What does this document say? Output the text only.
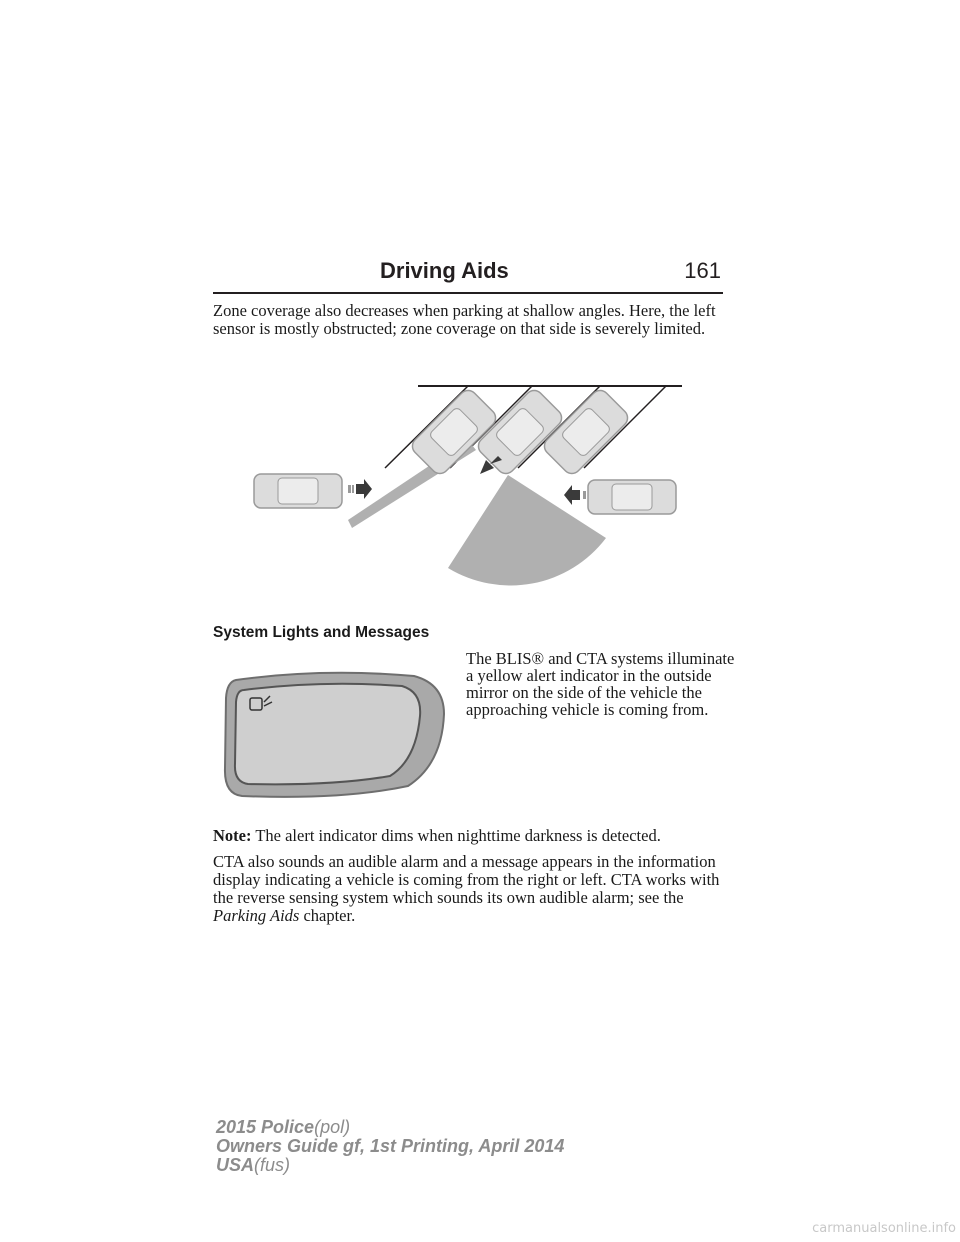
Driving Aids	161

Zone coverage also decreases when parking at shallow angles. Here, the left sensor is mostly obstructed; zone coverage on that side is severely limited.

System Lights and Messages

The BLIS® and CTA systems illuminate a yellow alert indicator in the outside mirror on the side of the vehicle the approaching vehicle is coming from.

Note: The alert indicator dims when nighttime darkness is detected.

CTA also sounds an audible alarm and a message appears in the information display indicating a vehicle is coming from the right or left. CTA works with the reverse sensing system which sounds its own audible alarm; see the Parking Aids chapter.

2015 Police(pol)
Owners Guide gf, 1st Printing, April 2014
USA(fus)
carmanualsonline.info
